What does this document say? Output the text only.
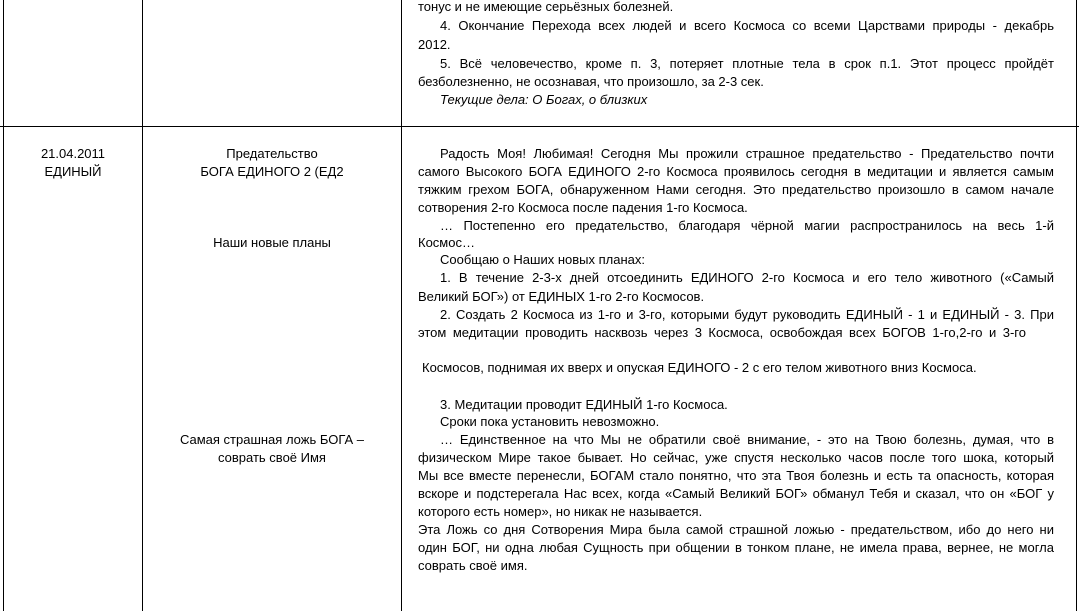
тонус и не имеющие серьёзных болезней.
4. Окончание Перехода всех людей и всего Космоса со всеми Царствами природы - декабрь
2012.
5. Всё человечество, кроме п. 3, потеряет плотные тела в срок п.1. Этот процесс пройдёт
безболезненно, не осознавая, что произошло, за 2-3 сек.
Текущие дела: О Богах, о близких
21.04.2011
ЕДИНЫЙ
Предательство
БОГА ЕДИНОГО 2 (ЕД2
Наши новые планы
Самая страшная ложь БОГА –
соврать своё Имя
Радость Моя! Любимая! Сегодня Мы прожили страшное предательство - Предательство почти
самого Высокого БОГА ЕДИНОГО 2-го Космоса проявилось сегодня в медитации и является самым
тяжким грехом БОГА, обнаруженном Нами сегодня. Это предательство произошло в самом начале
сотворения 2-го Космоса после падения 1-го Космоса.
… Постепенно его предательство, благодаря чёрной магии распространилось на весь 1-й
Космос…
Сообщаю о Наших новых планах:
1. В течение 2-3-х дней отсоединить ЕДИНОГО 2-го Космоса и его тело животного («Самый
Великий БОГ») от ЕДИНЫХ 1-го 2-го Космосов.
2. Создать 2 Космоса из 1-го и 3-го, которыми будут руководить ЕДИНЫЙ - 1 и ЕДИНЫЙ - 3. При
этом медитации проводить насквозь через 3 Космоса, освобождая всех БОГОВ 1-го,2-го и 3-го
Космосов, поднимая их вверх и опуская ЕДИНОГО - 2 с его телом животного вниз Космоса.
3. Медитации проводит ЕДИНЫЙ 1-го Космоса.
Сроки пока установить невозможно.
… Единственное на что Мы не обратили своё внимание, - это на Твою болезнь, думая, что в
физическом Мире такое бывает. Но сейчас, уже спустя несколько часов после того шока, который
Мы все вместе перенесли, БОГАМ стало понятно, что эта Твоя болезнь и есть та опасность, которая
вскоре и подстерегала Нас всех, когда «Самый Великий БОГ» обманул Тебя и сказал, что он «БОГ у
которого есть номер», но никак не называется.
Эта Ложь со дня Сотворения Мира была самой страшной ложью - предательством, ибо до него ни
один БОГ, ни одна любая Сущность при общении в тонком плане, не имела права, вернее, не могла
соврать своё имя.
